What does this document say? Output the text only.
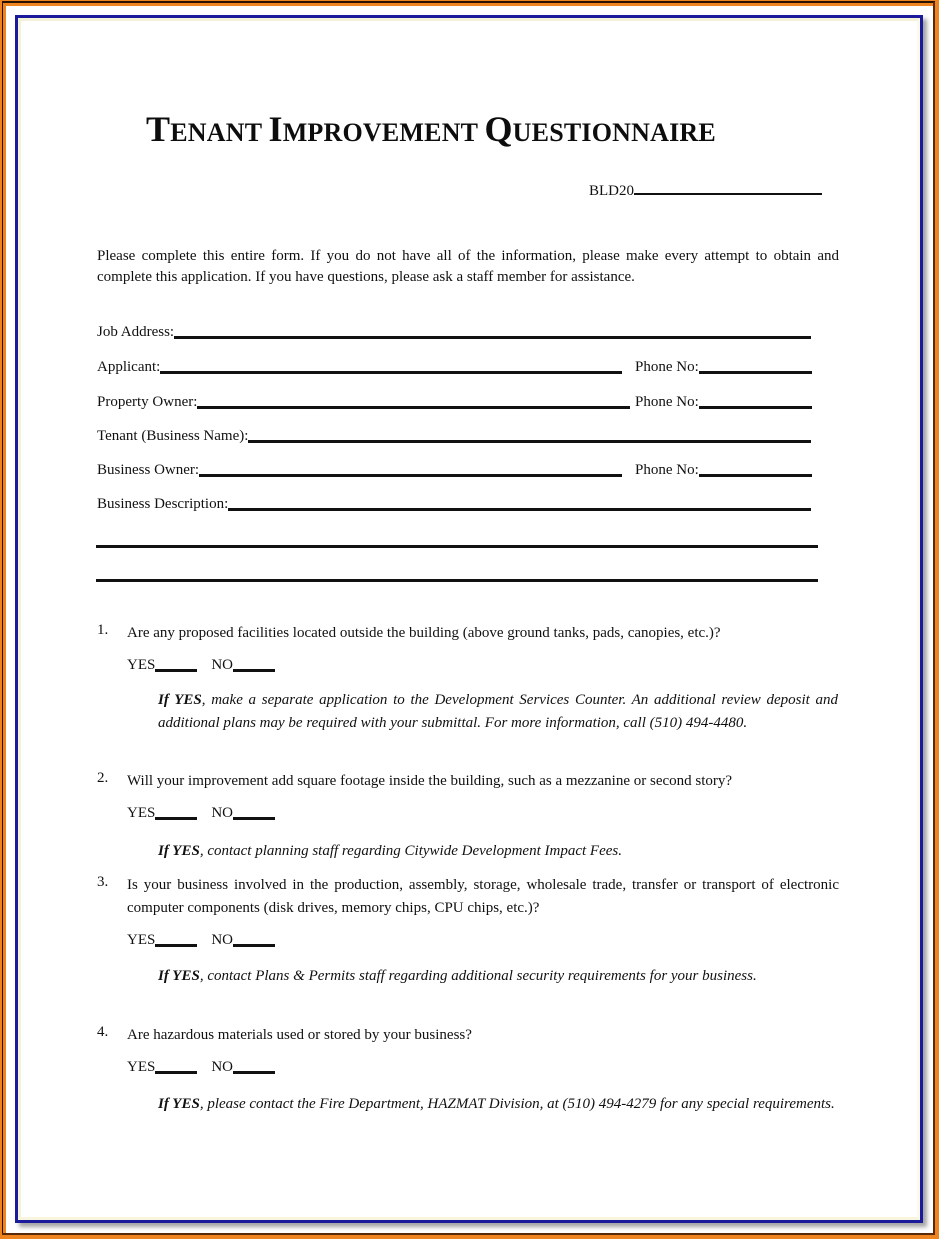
TENANT IMPROVEMENT QUESTIONNAIRE
BLD20
Please complete this entire form. If you do not have all of the information, please make every attempt to obtain and complete this application. If you have questions, please ask a staff member for assistance.
Job Address:
Applicant:	Phone No:
Property Owner:	Phone No:
Tenant (Business Name):
Business Owner:	Phone No:
Business Description:
1. Are any proposed facilities located outside the building (above ground tanks, pads, canopies, etc.)?
YES	NO
If YES, make a separate application to the Development Services Counter. An additional review deposit and additional plans may be required with your submittal. For more information, call (510) 494-4480.
2. Will your improvement add square footage inside the building, such as a mezzanine or second story?
YES	NO
If YES, contact planning staff regarding Citywide Development Impact Fees.
3. Is your business involved in the production, assembly, storage, wholesale trade, transfer or transport of electronic computer components (disk drives, memory chips, CPU chips, etc.)?
YES	NO
If YES, contact Plans & Permits staff regarding additional security requirements for your business.
4. Are hazardous materials used or stored by your business?
YES	NO
If YES, please contact the Fire Department, HAZMAT Division, at (510) 494-4279 for any special requirements.
